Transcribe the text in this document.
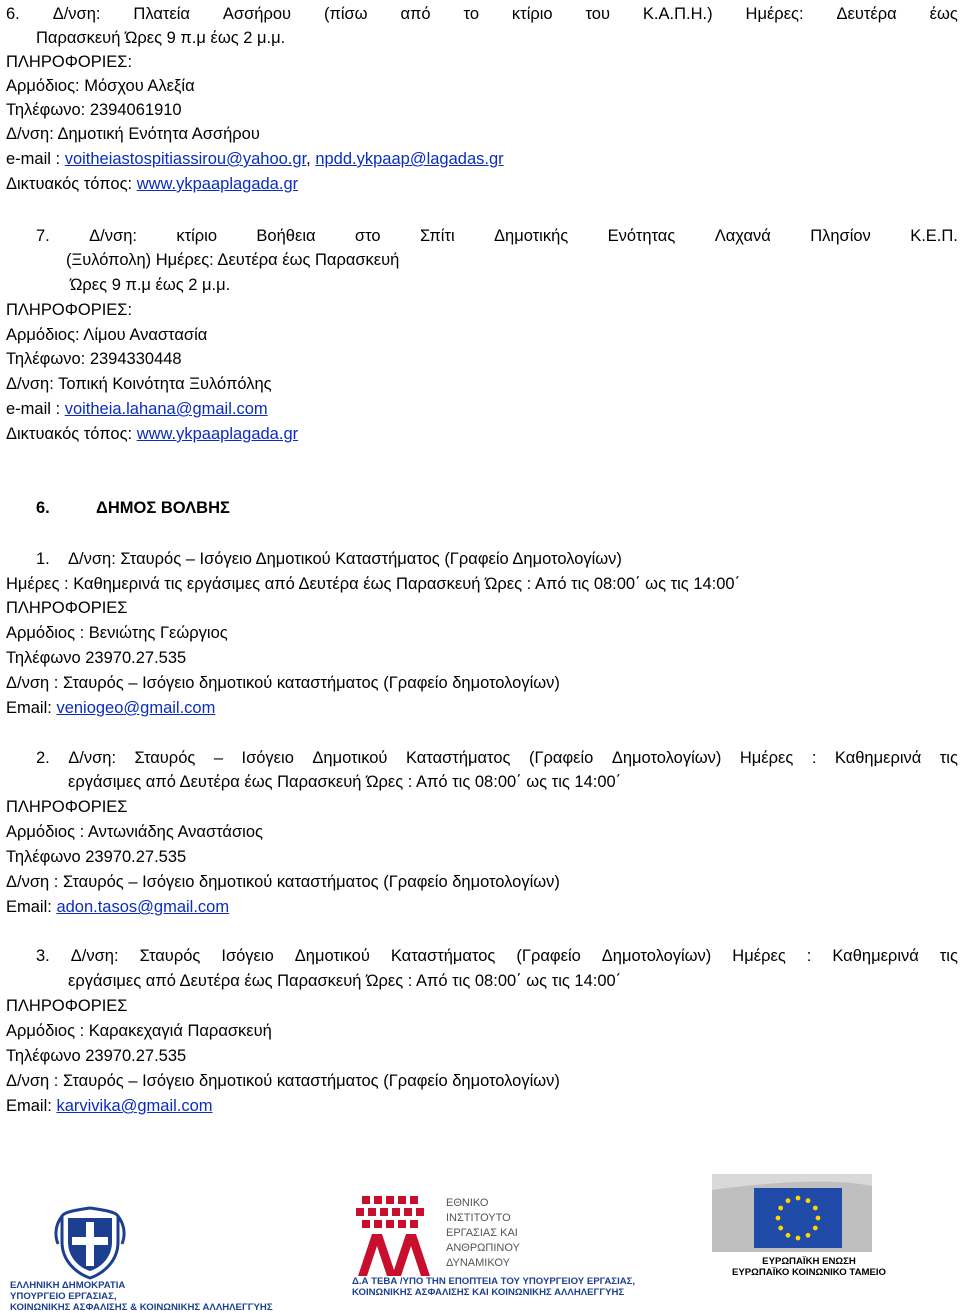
6. Δ/νση: Πλατεία Ασσήρου (πίσω από το κτίριο του Κ.Α.Π.Η.) Ημέρες: Δευτέρα έως
Παρασκευή Ώρες 9 π.μ έως 2 μ.μ.
ΠΛΗΡΟΦΟΡΙΕΣ:
Αρμόδιος: Μόσχου Αλεξία
Τηλέφωνο: 2394061910
Δ/νση: Δημοτική Ενότητα Ασσήρου
e-mail : voitheiastospitiassirou@yahoo.gr, npdd.ykpaap@lagadas.gr
Δικτυακός τόπος: www.ykpaaplagada.gr
7. Δ/νση: κτίριο Βοήθεια στο Σπίτι Δημοτικής Ενότητας Λαχανά Πλησίον Κ.Ε.Π.
(Ξυλόπολη) Ημέρες: Δευτέρα έως Παρασκευή
Ώρες 9 π.μ έως 2 μ.μ.
ΠΛΗΡΟΦΟΡΙΕΣ:
Αρμόδιος: Λίμου Αναστασία
Τηλέφωνο: 2394330448
Δ/νση: Τοπική Κοινότητα Ξυλόπόλης
e-mail : voitheia.lahana@gmail.com
Δικτυακός τόπος: www.ykpaaplagada.gr
6.	ΔΗΜΟΣ ΒΟΛΒΗΣ
1. Δ/νση: Σταυρός – Ισόγειο Δημοτικού Καταστήματος (Γραφείο Δημοτολογίων)
Ημέρες : Καθημερινά τις εργάσιμες από Δευτέρα έως Παρασκευή Ώρες : Από τις 08:00΄ ως τις 14:00΄
ΠΛΗΡΟΦΟΡΙΕΣ
Αρμόδιος : Βενιώτης Γεώργιος
Τηλέφωνο 23970.27.535
Δ/νση : Σταυρός – Ισόγειο δημοτικού καταστήματος (Γραφείο δημοτολογίων)
Email: veniogeo@gmail.com
2. Δ/νση: Σταυρός – Ισόγειο Δημοτικού Καταστήματος (Γραφείο Δημοτολογίων) Ημέρες : Καθημερινά τις
εργάσιμες από Δευτέρα έως Παρασκευή Ώρες : Από τις 08:00΄ ως τις 14:00΄
ΠΛΗΡΟΦΟΡΙΕΣ
Αρμόδιος : Αντωνιάδης Αναστάσιος
Τηλέφωνο 23970.27.535
Δ/νση : Σταυρός – Ισόγειο δημοτικού καταστήματος (Γραφείο δημοτολογίων)
Email: adon.tasos@gmail.com
3. Δ/νση: Σταυρός Ισόγειο Δημοτικού Καταστήματος (Γραφείο Δημοτολογίων) Ημέρες : Καθημερινά τις
εργάσιμες από Δευτέρα έως Παρασκευή Ώρες : Από τις 08:00΄ ως τις 14:00΄
ΠΛΗΡΟΦΟΡΙΕΣ
Αρμόδιος : Καρακεχαγιά Παρασκευή
Τηλέφωνο 23970.27.535
Δ/νση : Σταυρός – Ισόγειο δημοτικού καταστήματος (Γραφείο δημοτολογίων)
Email: karvivika@gmail.com
ΕΛΛΗΝΙΚΗ ΔΗΜΟΚΡΑΤΙΑ
ΥΠΟΥΡΓΕΙΟ ΕΡΓΑΣΙΑΣ,
ΚΟΙΝΩΝΙΚΗΣ ΑΣΦΑΛΙΣΗΣ & ΚΟΙΝΩΝΙΚΗΣ ΑΛΛΗΛΕΓΓΥΗΣ
ΕΘΝΙΚΟ
ΙΝΣΤΙΤΟΥΤΟ
ΕΡΓΑΣΙΑΣ ΚΑΙ
ΑΝΘΡΩΠΙΝΟΥ
ΔΥΝΑΜΙΚΟΥ
Δ.Α ΤΕΒΑ /ΥΠΟ ΤΗΝ ΕΠΟΠΤΕΙΑ ΤΟΥ ΥΠΟΥΡΓΕΙΟΥ ΕΡΓΑΣΙΑΣ,
ΚΟΙΝΩΝΙΚΗΣ ΑΣΦΑΛΙΣΗΣ ΚΑΙ ΚΟΙΝΩΝΙΚΗΣ ΑΛΛΗΛΕΓΓΥΗΣ
ΕΥΡΩΠΑΪΚΗ ΕΝΩΣΗ
ΕΥΡΩΠΑΪΚΟ ΚΟΙΝΩΝΙΚΟ ΤΑΜΕΙΟ
